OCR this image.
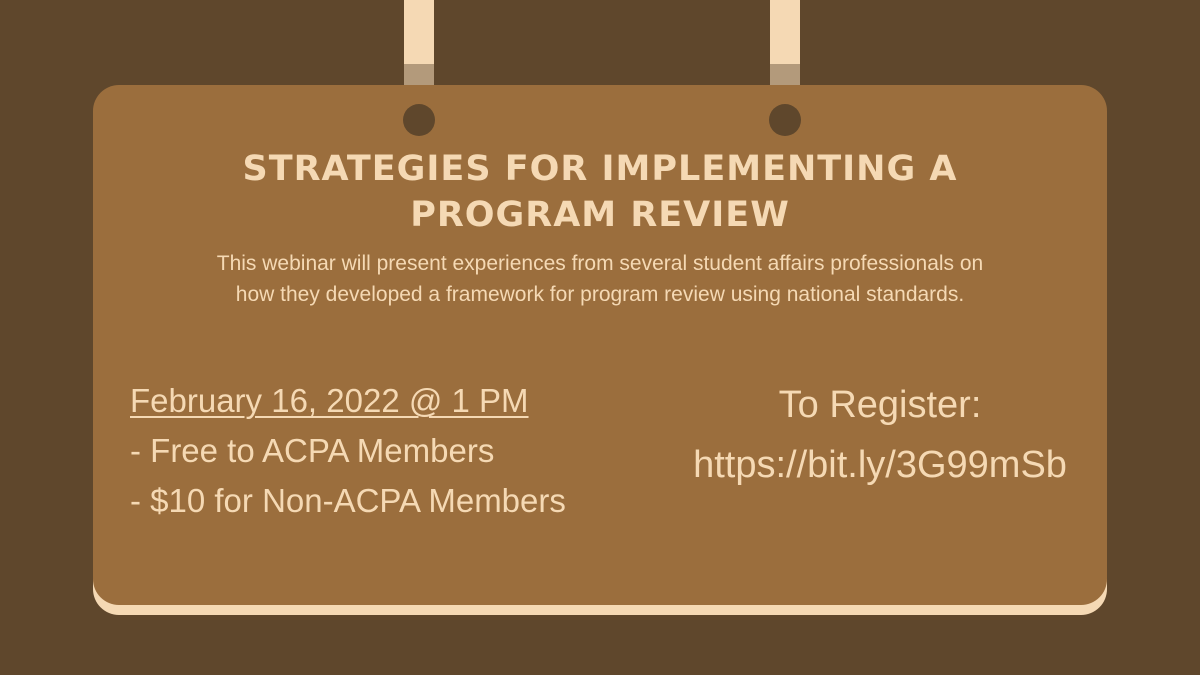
STRATEGIES FOR IMPLEMENTING A PROGRAM REVIEW

This webinar will present experiences from several student affairs professionals on how they developed a framework for program review using national standards.

February 16, 2022 @ 1 PM
- Free to ACPA Members
- $10 for Non-ACPA Members
To Register:
https://bit.ly/3G99mSb
